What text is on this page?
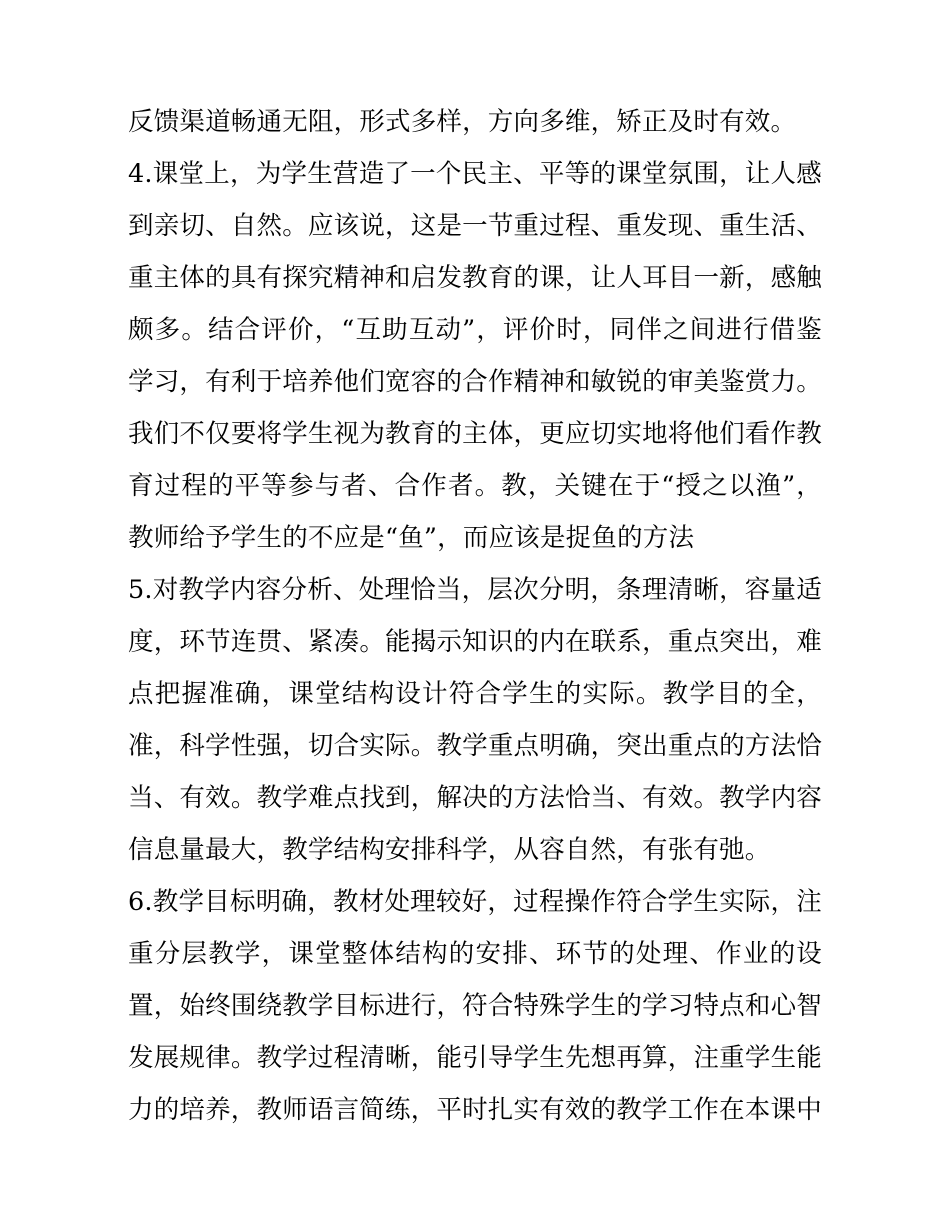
反馈渠道畅通无阻，形式多样，方向多维，矫正及时有效。

4.课堂上，为学生营造了一个民主、平等的课堂氛围，让人感到亲切、自然。应该说，这是一节重过程、重发现、重生活、重主体的具有探究精神和启发教育的课，让人耳目一新，感触颇多。结合评价，“互助互动”，评价时，同伴之间进行借鉴学习，有利于培养他们宽容的合作精神和敏锐的审美鉴赏力。我们不仅要将学生视为教育的主体，更应切实地将他们看作教育过程的平等参与者、合作者。教，关键在于“授之以渔”，教师给予学生的不应是“鱼”，而应该是捉鱼的方法

5.对教学内容分析、处理恰当，层次分明，条理清晰，容量适度，环节连贯、紧凑。能揭示知识的内在联系，重点突出，难点把握准确，课堂结构设计符合学生的实际。教学目的全，准，科学性强，切合实际。教学重点明确，突出重点的方法恰当、有效。教学难点找到，解决的方法恰当、有效。教学内容信息量最大，教学结构安排科学，从容自然，有张有弛。

6.教学目标明确，教材处理较好，过程操作符合学生实际，注重分层教学，课堂整体结构的安排、环节的处理、作业的设置，始终围绕教学目标进行，符合特殊学生的学习特点和心智发展规律。教学过程清晰，能引导学生先想再算，注重学生能力的培养，教师语言简练，平时扎实有效的教学工作在本课中
